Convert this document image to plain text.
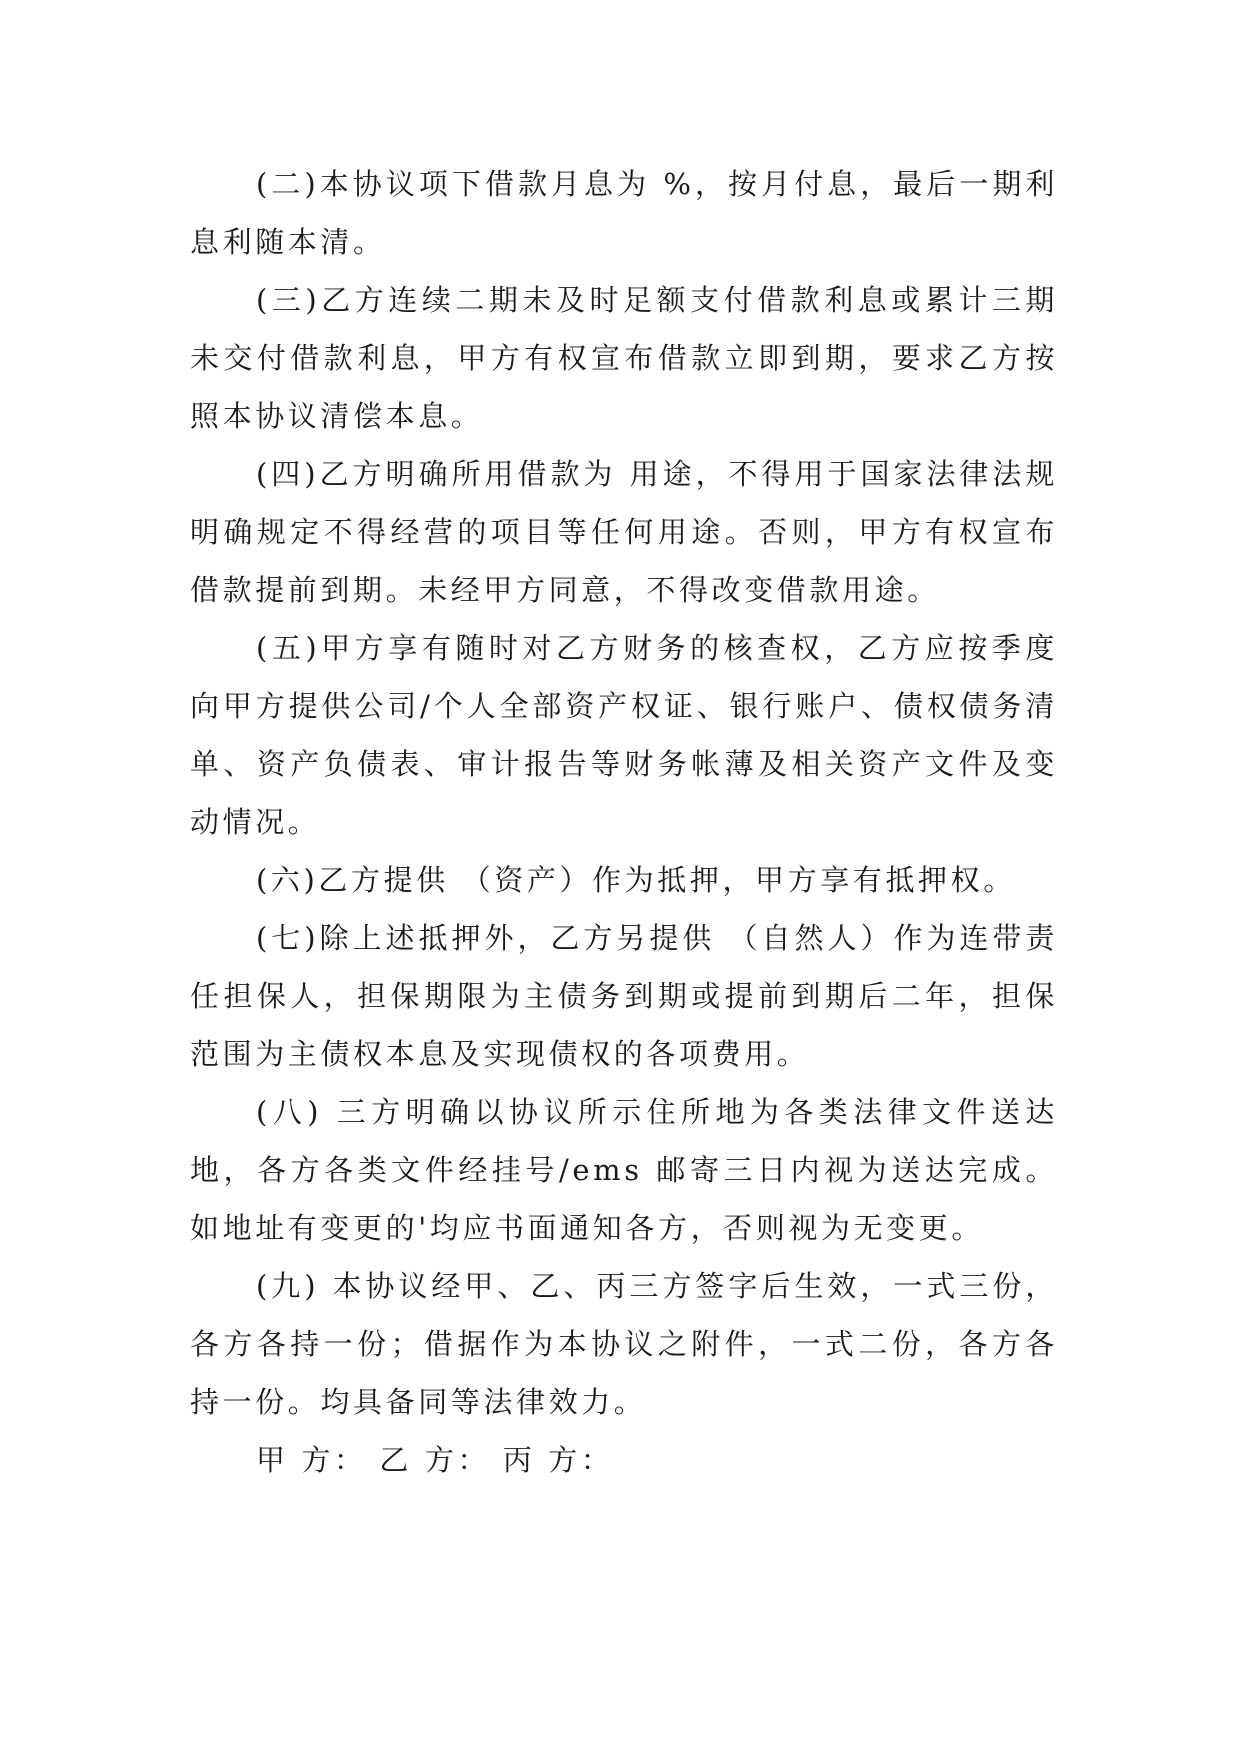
(二)本协议项下借款月息为 %，按月付息，最后一期利息利随本清。

(三)乙方连续二期未及时足额支付借款利息或累计三期未交付借款利息，甲方有权宣布借款立即到期，要求乙方按照本协议清偿本息。

(四)乙方明确所用借款为 用途，不得用于国家法律法规明确规定不得经营的项目等任何用途。否则，甲方有权宣布借款提前到期。未经甲方同意，不得改变借款用途。

(五)甲方享有随时对乙方财务的核查权，乙方应按季度向甲方提供公司/个人全部资产权证、银行账户、债权债务清单、资产负债表、审计报告等财务帐薄及相关资产文件及变动情况。

(六)乙方提供 （资产）作为抵押，甲方享有抵押权。

(七)除上述抵押外，乙方另提供 （自然人）作为连带责任担保人，担保期限为主债务到期或提前到期后二年，担保范围为主债权本息及实现债权的各项费用。

(八) 三方明确以协议所示住所地为各类法律文件送达地，各方各类文件经挂号/ems 邮寄三日内视为送达完成。如地址有变更的'均应书面通知各方，否则视为无变更。

(九) 本协议经甲、乙、丙三方签字后生效，一式三份，各方各持一份；借据作为本协议之附件，一式二份，各方各持一份。均具备同等法律效力。

甲 方： 乙 方： 丙 方：
